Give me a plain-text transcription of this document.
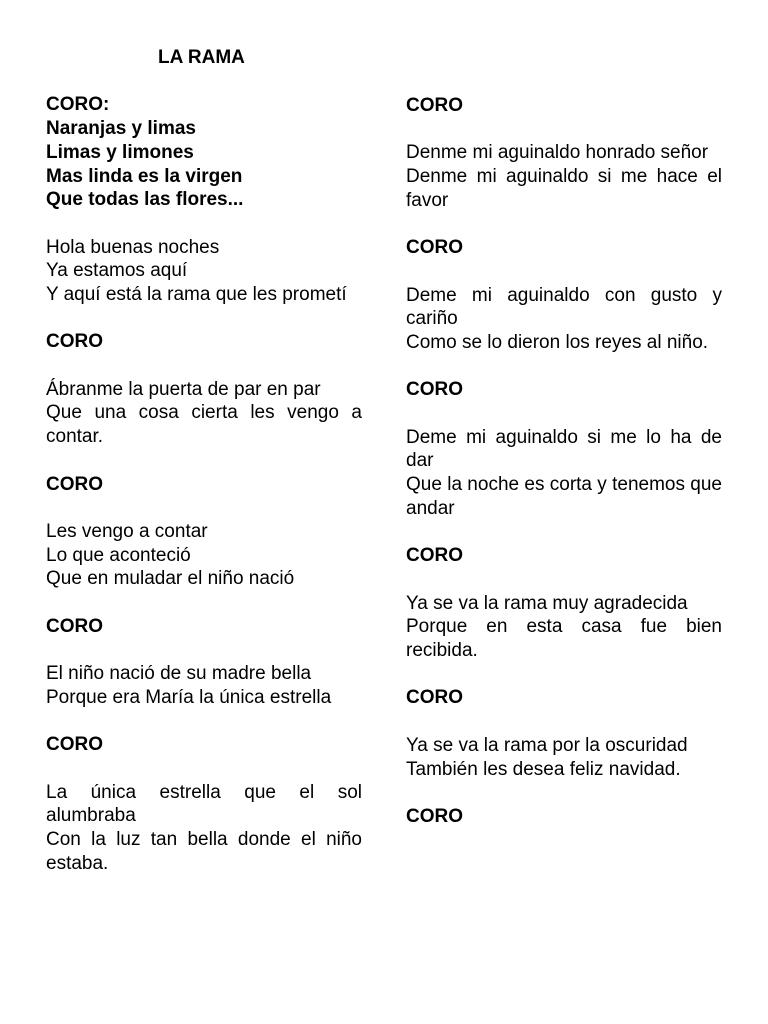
LA RAMA
CORO:
Naranjas y limas
Limas y limones
Mas linda es la virgen
Que todas las flores...
Hola buenas noches
Ya estamos aquí
Y aquí está la rama que les prometí
CORO
Ábranme la puerta de par en par
Que una cosa cierta les vengo a contar.
CORO
Les vengo a contar
Lo que aconteció
Que en muladar el niño nació
CORO
El niño nació de su madre bella
Porque era María la única estrella
CORO
La única estrella que el sol alumbraba
Con la luz tan bella donde el niño estaba.
CORO
Denme mi aguinaldo honrado señor
Denme mi aguinaldo si me hace el favor
CORO
Deme mi aguinaldo con gusto y cariño
Como se lo dieron los reyes al niño.
CORO
Deme mi aguinaldo si me lo ha de dar
Que la noche es corta y tenemos que andar
CORO
Ya se va la rama muy agradecida
Porque en esta casa fue bien recibida.
CORO
Ya se va la rama por la oscuridad
También les desea feliz navidad.
CORO
